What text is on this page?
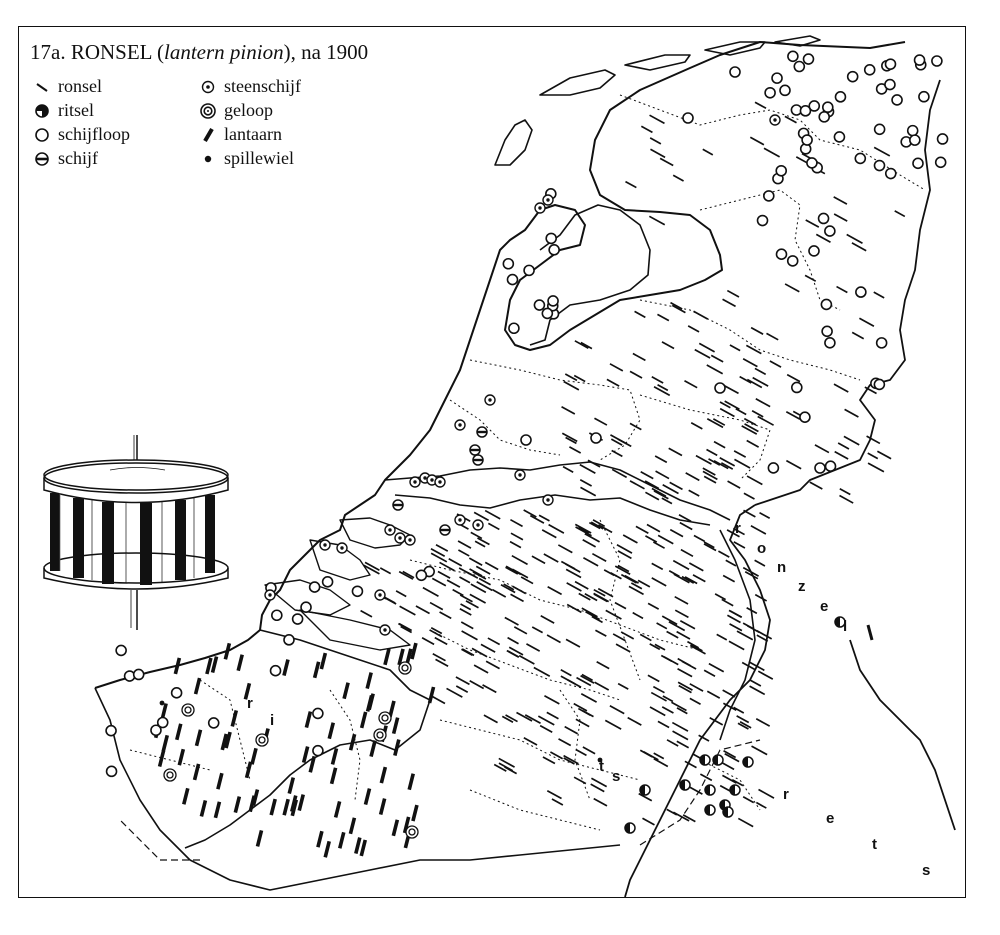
17a. RONSEL (lantern pinion), na 1900
ronsel
ritsel
schijfloop
schijf
steenschijf
geloop
lantaarn
spillewiel
r
o
n
z
e
l
r
e
t
s
r
i
t
s
